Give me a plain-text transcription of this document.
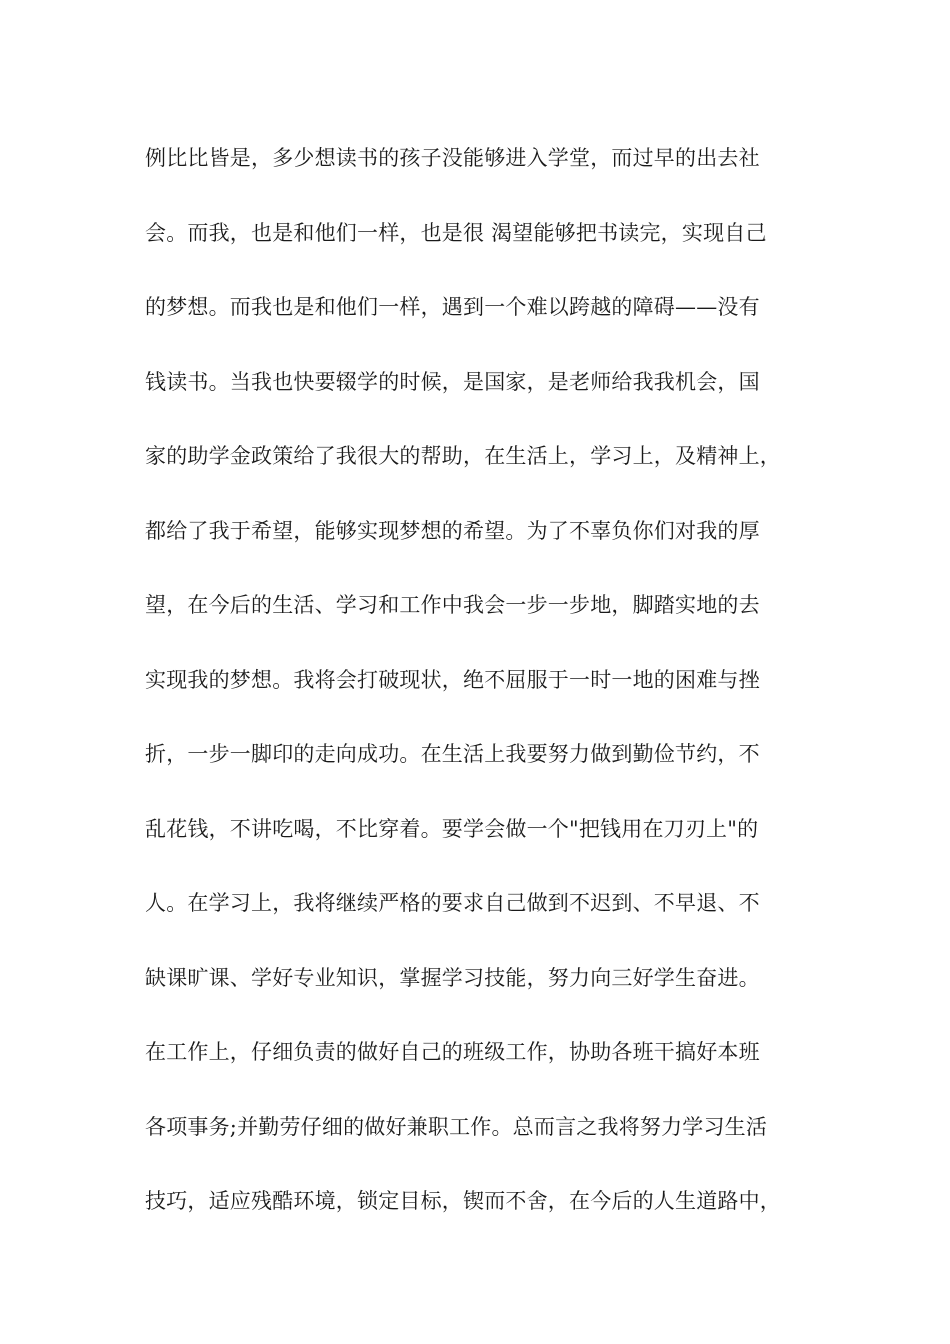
例比比皆是，多少想读书的孩子没能够进入学堂，而过早的出去社
会。而我，也是和他们一样，也是很 渴望能够把书读完，实现自己
的梦想。而我也是和他们一样，遇到一个难以跨越的障碍——没有
钱读书。当我也快要辍学的时候，是国家，是老师给我我机会，国
家的助学金政策给了我很大的帮助，在生活上，学习上，及精神上，
都给了我于希望，能够实现梦想的希望。为了不辜负你们对我的厚
望，在今后的生活、学习和工作中我会一步一步地，脚踏实地的去
实现我的梦想。我将会打破现状，绝不屈服于一时一地的困难与挫
折，一步一脚印的走向成功。在生活上我要努力做到勤俭节约，不
乱花钱，不讲吃喝，不比穿着。要学会做一个"把钱用在刀刃上"的
人。在学习上，我将继续严格的要求自己做到不迟到、不早退、不
缺课旷课、学好专业知识，掌握学习技能，努力向三好学生奋进。
在工作上，仔细负责的做好自己的班级工作，协助各班干搞好本班
各项事务;并勤劳仔细的做好兼职工作。总而言之我将努力学习生活
技巧，适应残酷环境，锁定目标，锲而不舍，在今后的人生道路中，
